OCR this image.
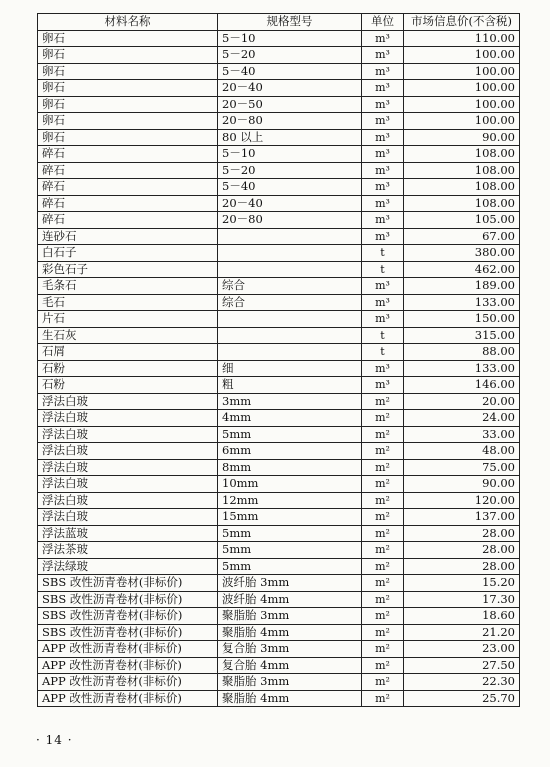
材料名称	规格型号	单位	市场信息价(不含税)
卵石	5－10	m³	110.00
卵石	5－20	m³	100.00
卵石	5－40	m³	100.00
卵石	20－40	m³	100.00
卵石	20－50	m³	100.00
卵石	20－80	m³	100.00
卵石	80 以上	m³	90.00
碎石	5－10	m³	108.00
碎石	5－20	m³	108.00
碎石	5－40	m³	108.00
碎石	20－40	m³	108.00
碎石	20－80	m³	105.00
连砂石		m³	67.00
白石子		t	380.00
彩色石子		t	462.00
毛条石	综合	m³	189.00
毛石	综合	m³	133.00
片石		m³	150.00
生石灰		t	315.00
石屑		t	88.00
石粉	细	m³	133.00
石粉	粗	m³	146.00
浮法白玻	3mm	m²	20.00
浮法白玻	4mm	m²	24.00
浮法白玻	5mm	m²	33.00
浮法白玻	6mm	m²	48.00
浮法白玻	8mm	m²	75.00
浮法白玻	10mm	m²	90.00
浮法白玻	12mm	m²	120.00
浮法白玻	15mm	m²	137.00
浮法蓝玻	5mm	m²	28.00
浮法茶玻	5mm	m²	28.00
浮法绿玻	5mm	m²	28.00
SBS 改性沥青卷材(非标价)	波纤胎 3mm	m²	15.20
SBS 改性沥青卷材(非标价)	波纤胎 4mm	m²	17.30
SBS 改性沥青卷材(非标价)	聚脂胎 3mm	m²	18.60
SBS 改性沥青卷材(非标价)	聚脂胎 4mm	m²	21.20
APP 改性沥青卷材(非标价)	复合胎 3mm	m²	23.00
APP 改性沥青卷材(非标价)	复合胎 4mm	m²	27.50
APP 改性沥青卷材(非标价)	聚脂胎 3mm	m²	22.30
APP 改性沥青卷材(非标价)	聚脂胎 4mm	m²	25.70
· 14 ·
